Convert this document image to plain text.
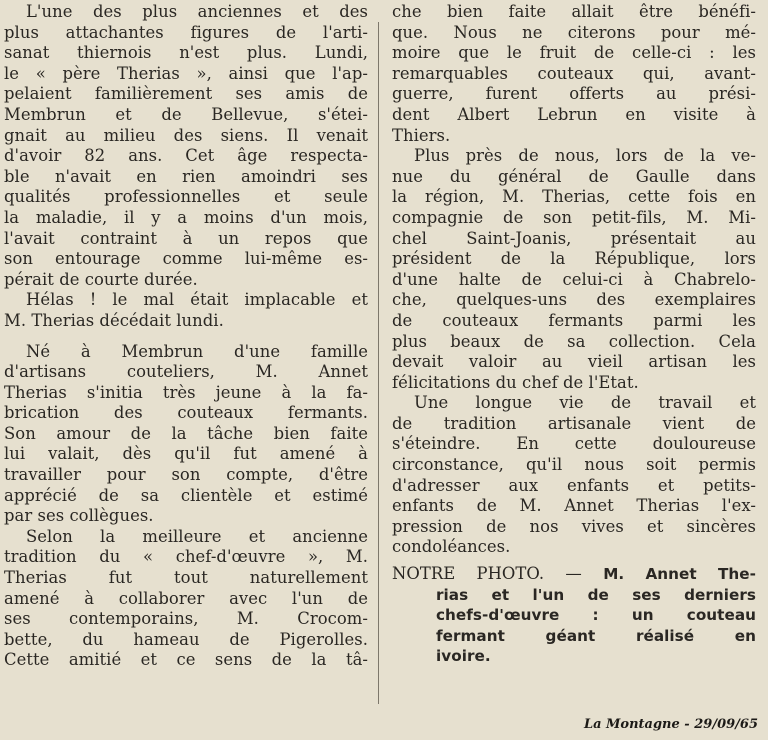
L'une des plus anciennes et des
plus attachantes figures de l'arti-
sanat thiernois n'est plus. Lundi,
le « père Therias », ainsi que l'ap-
pelaient familièrement ses amis de
Membrun et de Bellevue, s'étei-
gnait au milieu des siens. Il venait
d'avoir 82 ans. Cet âge respecta-
ble n'avait en rien amoindri ses
qualités professionnelles et seule
la maladie, il y a moins d'un mois,
l'avait contraint à un repos que
son entourage comme lui-même es-
pérait de courte durée.
Hélas ! le mal était implacable et
M. Therias décédait lundi.
Né à Membrun d'une famille
d'artisans couteliers, M. Annet
Therias s'initia très jeune à la fa-
brication des couteaux fermants.
Son amour de la tâche bien faite
lui valait, dès qu'il fut amené à
travailler pour son compte, d'être
apprécié de sa clientèle et estimé
par ses collègues.
Selon la meilleure et ancienne
tradition du « chef-d'œuvre », M.
Therias fut tout naturellement
amené à collaborer avec l'un de
ses contemporains, M. Crocom-
bette, du hameau de Pigerolles.
Cette amitié et ce sens de la tâ-
che bien faite allait être bénéfi-
que. Nous ne citerons pour mé-
moire que le fruit de celle-ci : les
remarquables couteaux qui, avant-
guerre, furent offerts au prési-
dent Albert Lebrun en visite à
Thiers.
Plus près de nous, lors de la ve-
nue du général de Gaulle dans
la région, M. Therias, cette fois en
compagnie de son petit-fils, M. Mi-
chel Saint-Joanis, présentait au
président de la République, lors
d'une halte de celui-ci à Chabrelo-
che, quelques-uns des exemplaires
de couteaux fermants parmi les
plus beaux de sa collection. Cela
devait valoir au vieil artisan les
félicitations du chef de l'Etat.
Une longue vie de travail et
de tradition artisanale vient de
s'éteindre. En cette douloureuse
circonstance, qu'il nous soit permis
d'adresser aux enfants et petits-
enfants de M. Annet Therias l'ex-
pression de nos vives et sincères
condoléances.
NOTRE PHOTO. — M. Annet The-
rias et l'un de ses derniers
chefs-d'œuvre : un couteau
fermant géant réalisé en
ivoire.
La Montagne - 29/09/65
